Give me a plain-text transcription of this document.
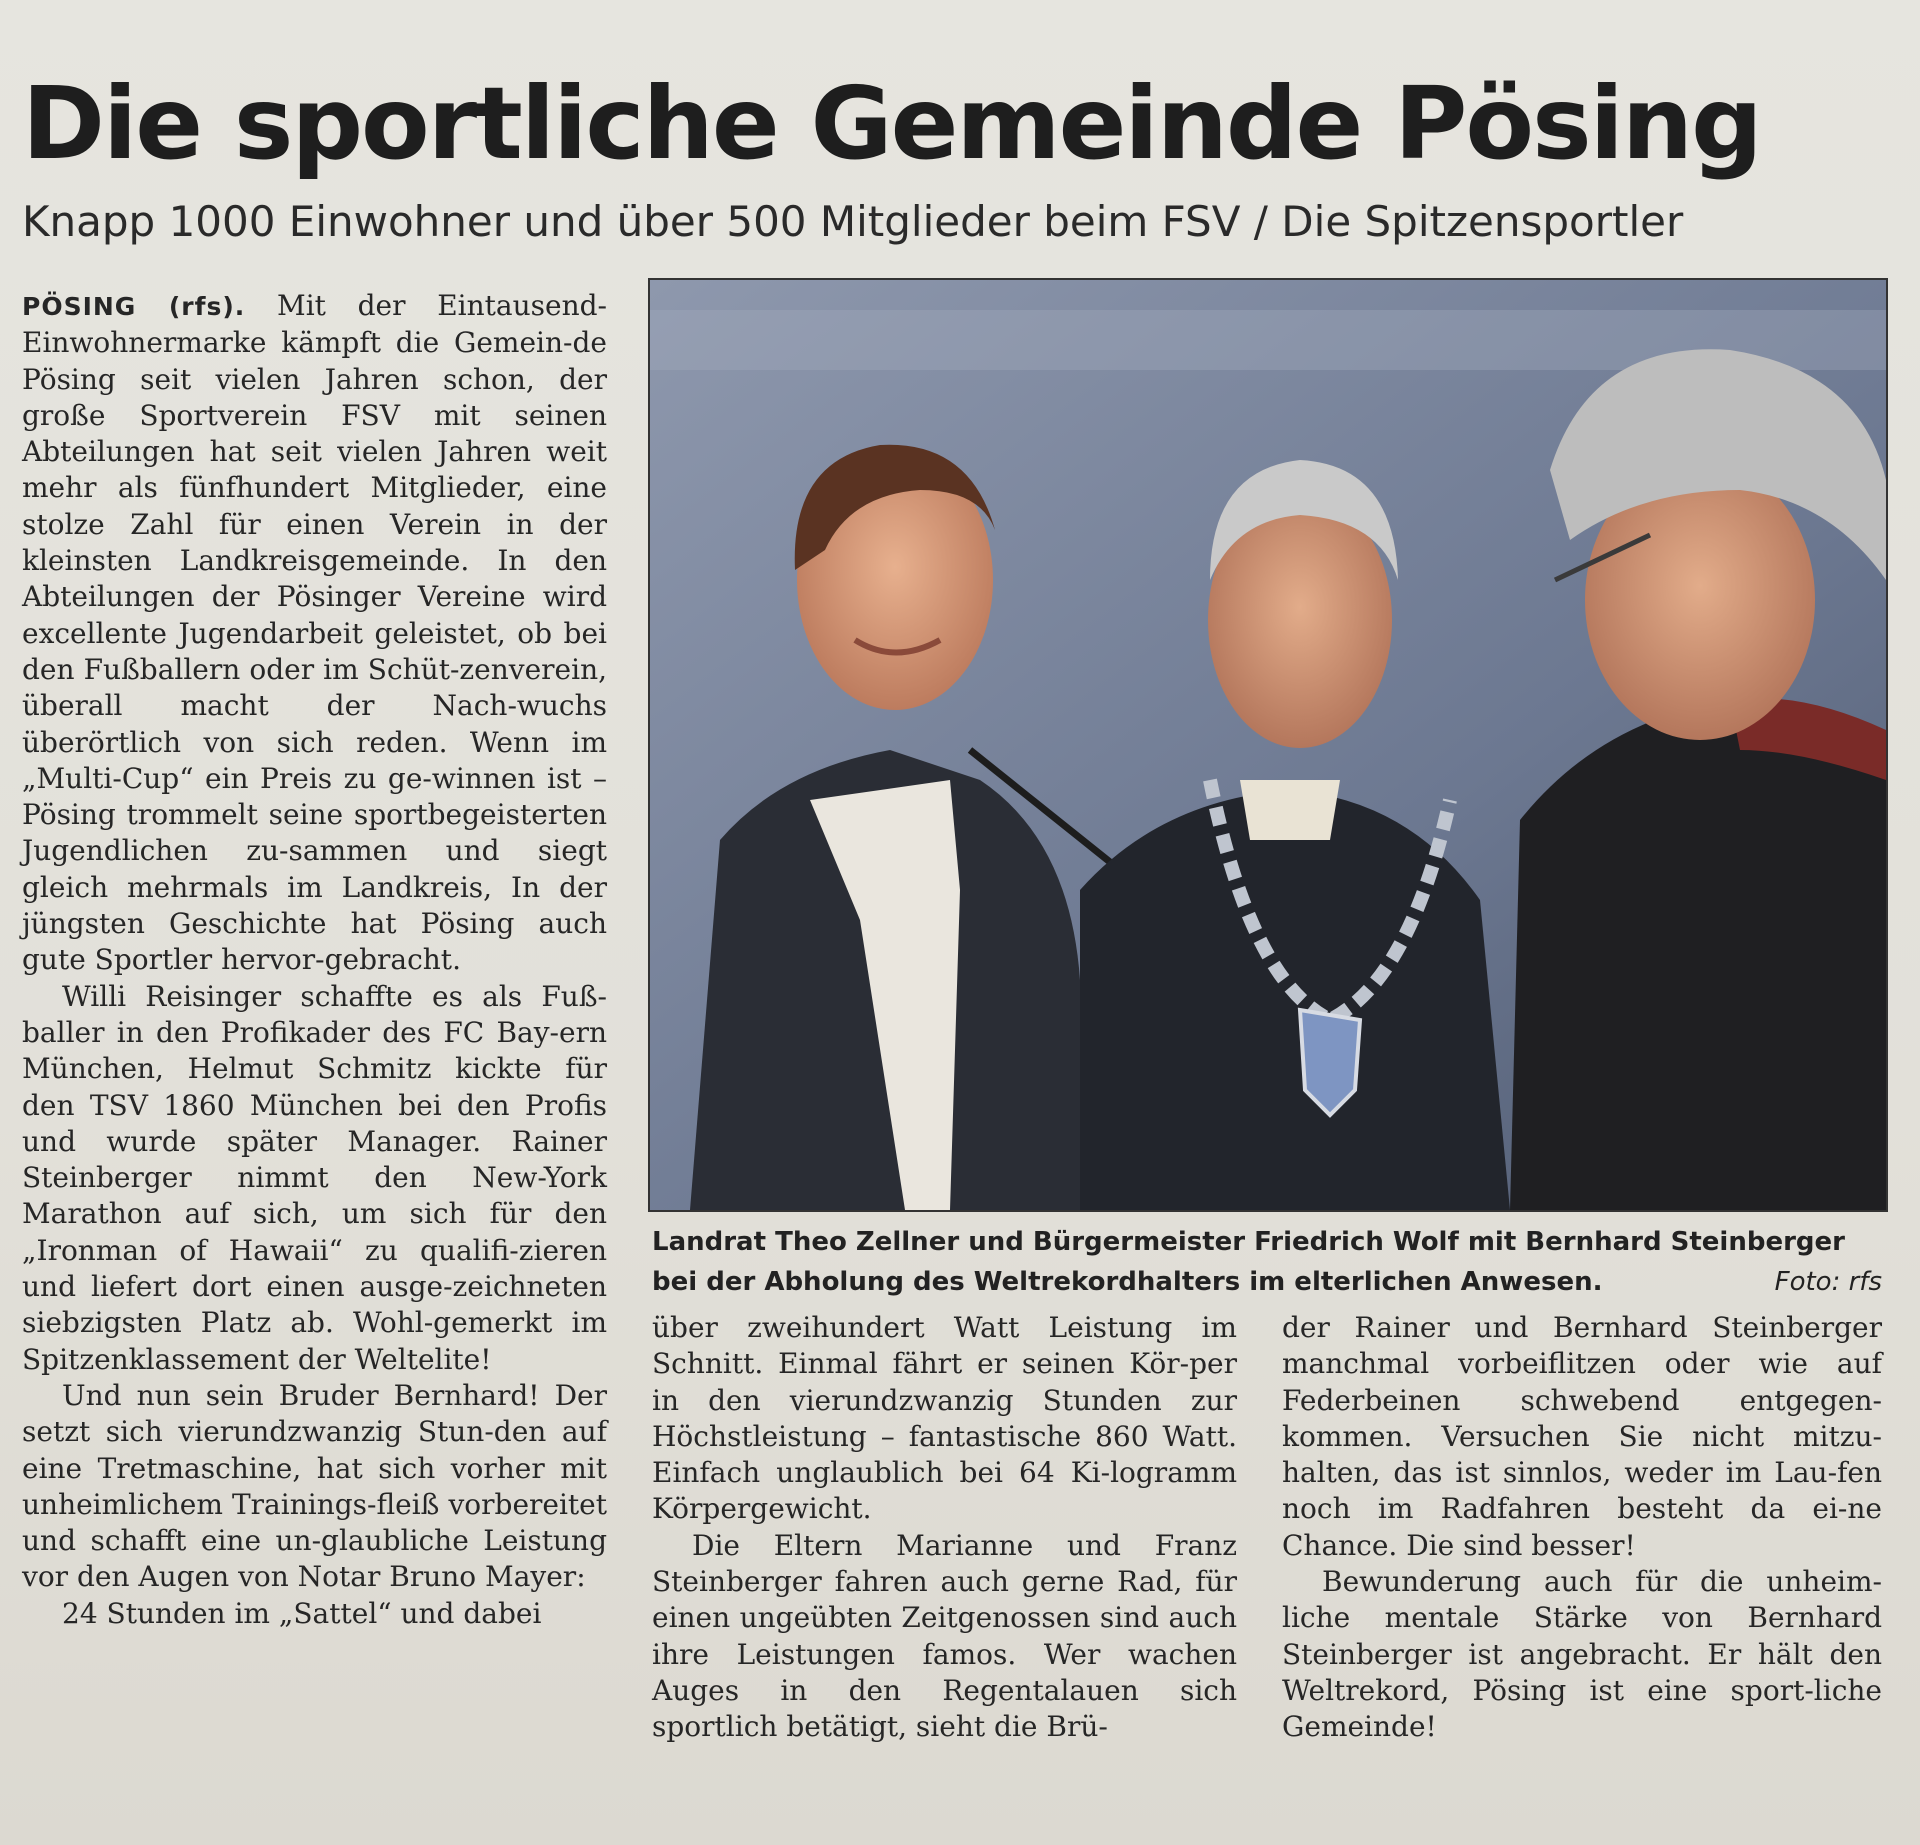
Die sportliche Gemeinde Pösing
Knapp 1000 Einwohner und über 500 Mitglieder beim FSV / Die Spitzensportler

PÖSING (rfs). Mit der Eintausend-Einwohnermarke kämpft die Gemein-de Pösing seit vielen Jahren schon, der große Sportverein FSV mit seinen Abteilungen hat seit vielen Jahren weit mehr als fünfhundert Mitglieder, eine stolze Zahl für einen Verein in der kleinsten Landkreisgemeinde. In den Abteilungen der Pösinger Vereine wird excellente Jugendarbeit geleistet, ob bei den Fußballern oder im Schüt-zenverein, überall macht der Nach-wuchs überörtlich von sich reden. Wenn im „Multi-Cup“ ein Preis zu ge-winnen ist – Pösing trommelt seine sportbegeisterten Jugendlichen zu-sammen und siegt gleich mehrmals im Landkreis, In der jüngsten Geschichte hat Pösing auch gute Sportler hervor-gebracht.

Willi Reisinger schaffte es als Fuß-baller in den Profikader des FC Bay-ern München, Helmut Schmitz kickte für den TSV 1860 München bei den Profis und wurde später Manager. Rainer Steinberger nimmt den New-York Marathon auf sich, um sich für den „Ironman of Hawaii“ zu qualifi-zieren und liefert dort einen ausge-zeichneten siebzigsten Platz ab. Wohl-gemerkt im Spitzenklassement der Weltelite!

Und nun sein Bruder Bernhard! Der setzt sich vierundzwanzig Stun-den auf eine Tretmaschine, hat sich vorher mit unheimlichem Trainings-fleiß vorbereitet und schafft eine un-glaubliche Leistung vor den Augen von Notar Bruno Mayer:

24 Stunden im „Sattel“ und dabei

Landrat Theo Zellner und Bürgermeister Friedrich Wolf mit Bernhard Steinberger
bei der Abholung des Weltrekordhalters im elterlichen Anwesen.	Foto: rfs

über zweihundert Watt Leistung im Schnitt. Einmal fährt er seinen Kör-per in den vierundzwanzig Stunden zur Höchstleistung – fantastische 860 Watt. Einfach unglaublich bei 64 Ki-logramm Körpergewicht.

Die Eltern Marianne und Franz Steinberger fahren auch gerne Rad, für einen ungeübten Zeitgenossen sind auch ihre Leistungen famos. Wer wachen Auges in den Regentalauen sich sportlich betätigt, sieht die Brü-

der Rainer und Bernhard Steinberger manchmal vorbeiflitzen oder wie auf Federbeinen schwebend entgegen-kommen. Versuchen Sie nicht mitzu-halten, das ist sinnlos, weder im Lau-fen noch im Radfahren besteht da ei-ne Chance. Die sind besser!

Bewunderung auch für die unheim-liche mentale Stärke von Bernhard Steinberger ist angebracht. Er hält den Weltrekord, Pösing ist eine sport-liche Gemeinde!
